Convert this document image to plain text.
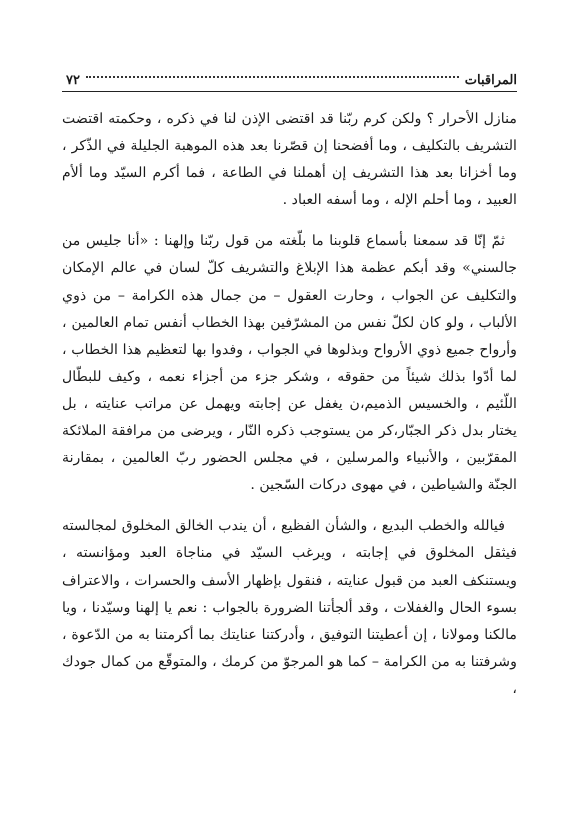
المراقبات
٧٢

منازل الأحرار ؟ ولكن كرم ربّنا قد اقتضى الإذن لنا في ذكره ، وحكمته اقتضت التشريف بالتكليف ، وما أفضحنا إن قصّرنا بعد هذه الموهبة الجليلة في الذّكر ، وما أخزانا بعد هذا التشريف إن أهملنا في الطاعة ، فما أكرم السيّد وما ألأم العبيد ، وما أحلم الإله ، وما أسفه العباد .

ثمّ إنّا قد سمعنا بأسماع قلوبنا ما بلّغته من قول ربّنا وإلهنا : «أنا جليس من جالسني» وقد أبكم عظمة هذا الإبلاغ والتشريف كلّ لسان في عالم الإمكان والتكليف عن الجواب ، وحارت العقول – من جمال هذه الكرامة – من ذوي الألباب ، ولو كان لكلّ نفس من المشرّفين بهذا الخطاب أنفس تمام العالمين ، وأرواح جميع ذوي الأرواح وبذلوها في الجواب ، وفدوا بها لتعظيم هذا الخطاب ، لما أدّوا بذلك شيئاً من حقوقه ، وشكر جزء من أجزاء نعمه ، وكيف للبطّال اللّئيم ، والخسيس الذميم،ن يغفل عن إجابته ويهمل عن مراتب عنايته ، بل يختار بدل ذكر الجبّار،كر من يستوجب ذكره النّار ، ويرضى من مرافقة الملائكة المقرّبين ، والأنبياء والمرسلين ، في مجلس الحضور ربّ العالمين ، بمقارنة الجنّة والشياطين ، في مهوى دركات السّجين .

فيالله والخطب البديع ، والشأن الفظيع ، أن يندب الخالق المخلوق لمجالسته فيثقل المخلوق في إجابته ، ويرغب السيّد في مناجاة العبد ومؤانسته ، ويستنكف العبد من قبول عنايته ، فنقول بإظهار الأسف والحسرات ، والاعتراف بسوء الحال والغفلات ، وقد ألجأتنا الضرورة بالجواب : نعم يا إلهنا وسيّدنا ، ويا مالكنا ومولانا ، إن أعطيتنا التوفيق ، وأدركتنا عنايتك بما أكرمتنا به من الدّعوة ، وشرفتنا به من الكرامة – كما هو المرجوّ من كرمك ، والمتوقّع من كمال جودك ،
